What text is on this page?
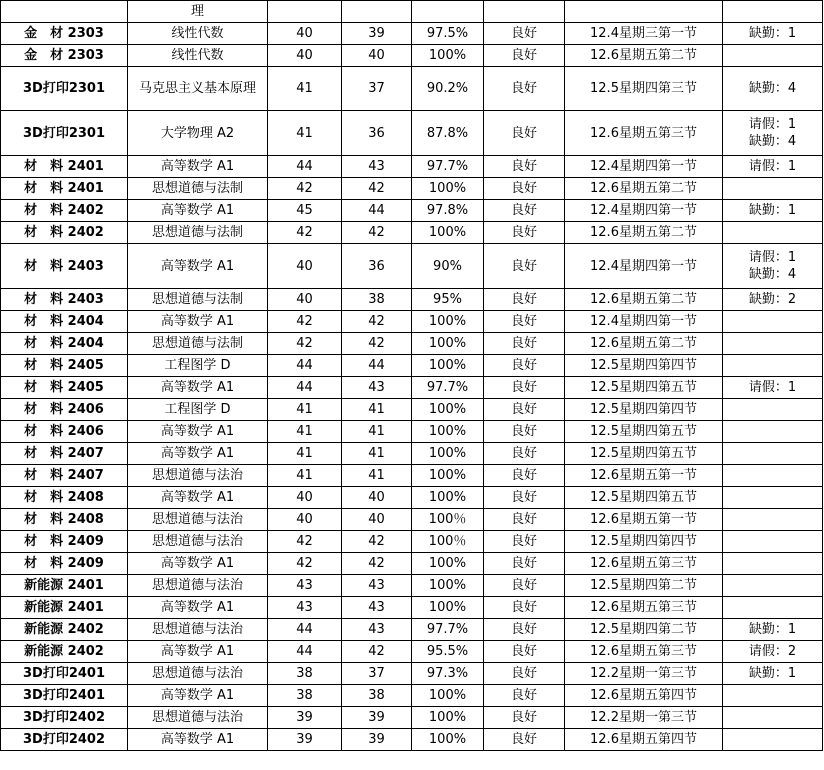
	理						
金　材 2303	线性代数	40	39	97.5%	良好	12.4星期三第一节	缺勤：1
金　材 2303	线性代数	40	40	100%	良好	12.6星期五第二节	
3D打印2301	马克思主义基本原理	41	37	90.2%	良好	12.5星期四第三节	缺勤：4
3D打印2301	大学物理 A2	41	36	87.8%	良好	12.6星期五第三节	请假：1
缺勤：4
材　料 2401	高等数学 A1	44	43	97.7%	良好	12.4星期四第一节	请假：1
材　料 2401	思想道德与法制	42	42	100%	良好	12.6星期五第二节	
材　料 2402	高等数学 A1	45	44	97.8%	良好	12.4星期四第一节	缺勤：1
材　料 2402	思想道德与法制	42	42	100%	良好	12.6星期五第二节	
材　料 2403	高等数学 A1	40	36	90%	良好	12.4星期四第一节	请假：1
缺勤：4
材　料 2403	思想道德与法制	40	38	95%	良好	12.6星期五第二节	缺勤：2
材　料 2404	高等数学 A1	42	42	100%	良好	12.4星期四第一节	
材　料 2404	思想道德与法制	42	42	100%	良好	12.6星期五第二节	
材　料 2405	工程图学 D	44	44	100%	良好	12.5星期四第四节	
材　料 2405	高等数学 A1	44	43	97.7%	良好	12.5星期四第五节	请假：1
材　料 2406	工程图学 D	41	41	100%	良好	12.5星期四第四节	
材　料 2406	高等数学 A1	41	41	100%	良好	12.5星期四第五节	
材　料 2407	高等数学 A1	41	41	100%	良好	12.5星期四第五节	
材　料 2407	思想道德与法治	41	41	100%	良好	12.6星期五第一节	
材　料 2408	高等数学 A1	40	40	100%	良好	12.5星期四第五节	
材　料 2408	思想道德与法治	40	40	100％	良好	12.6星期五第一节	
材　料 2409	思想道德与法治	42	42	100％	良好	12.5星期四第四节	
材　料 2409	高等数学 A1	42	42	100%	良好	12.6星期五第三节	
新能源 2401	思想道德与法治	43	43	100%	良好	12.5星期四第二节	
新能源 2401	高等数学 A1	43	43	100%	良好	12.6星期五第三节	
新能源 2402	思想道德与法治	44	43	97.7%	良好	12.5星期四第二节	缺勤：1
新能源 2402	高等数学 A1	44	42	95.5%	良好	12.6星期五第三节	请假：2
3D打印2401	思想道德与法治	38	37	97.3%	良好	12.2星期一第三节	缺勤：1
3D打印2401	高等数学 A1	38	38	100%	良好	12.6星期五第四节	
3D打印2402	思想道德与法治	39	39	100%	良好	12.2星期一第三节	
3D打印2402	高等数学 A1	39	39	100%	良好	12.6星期五第四节	
